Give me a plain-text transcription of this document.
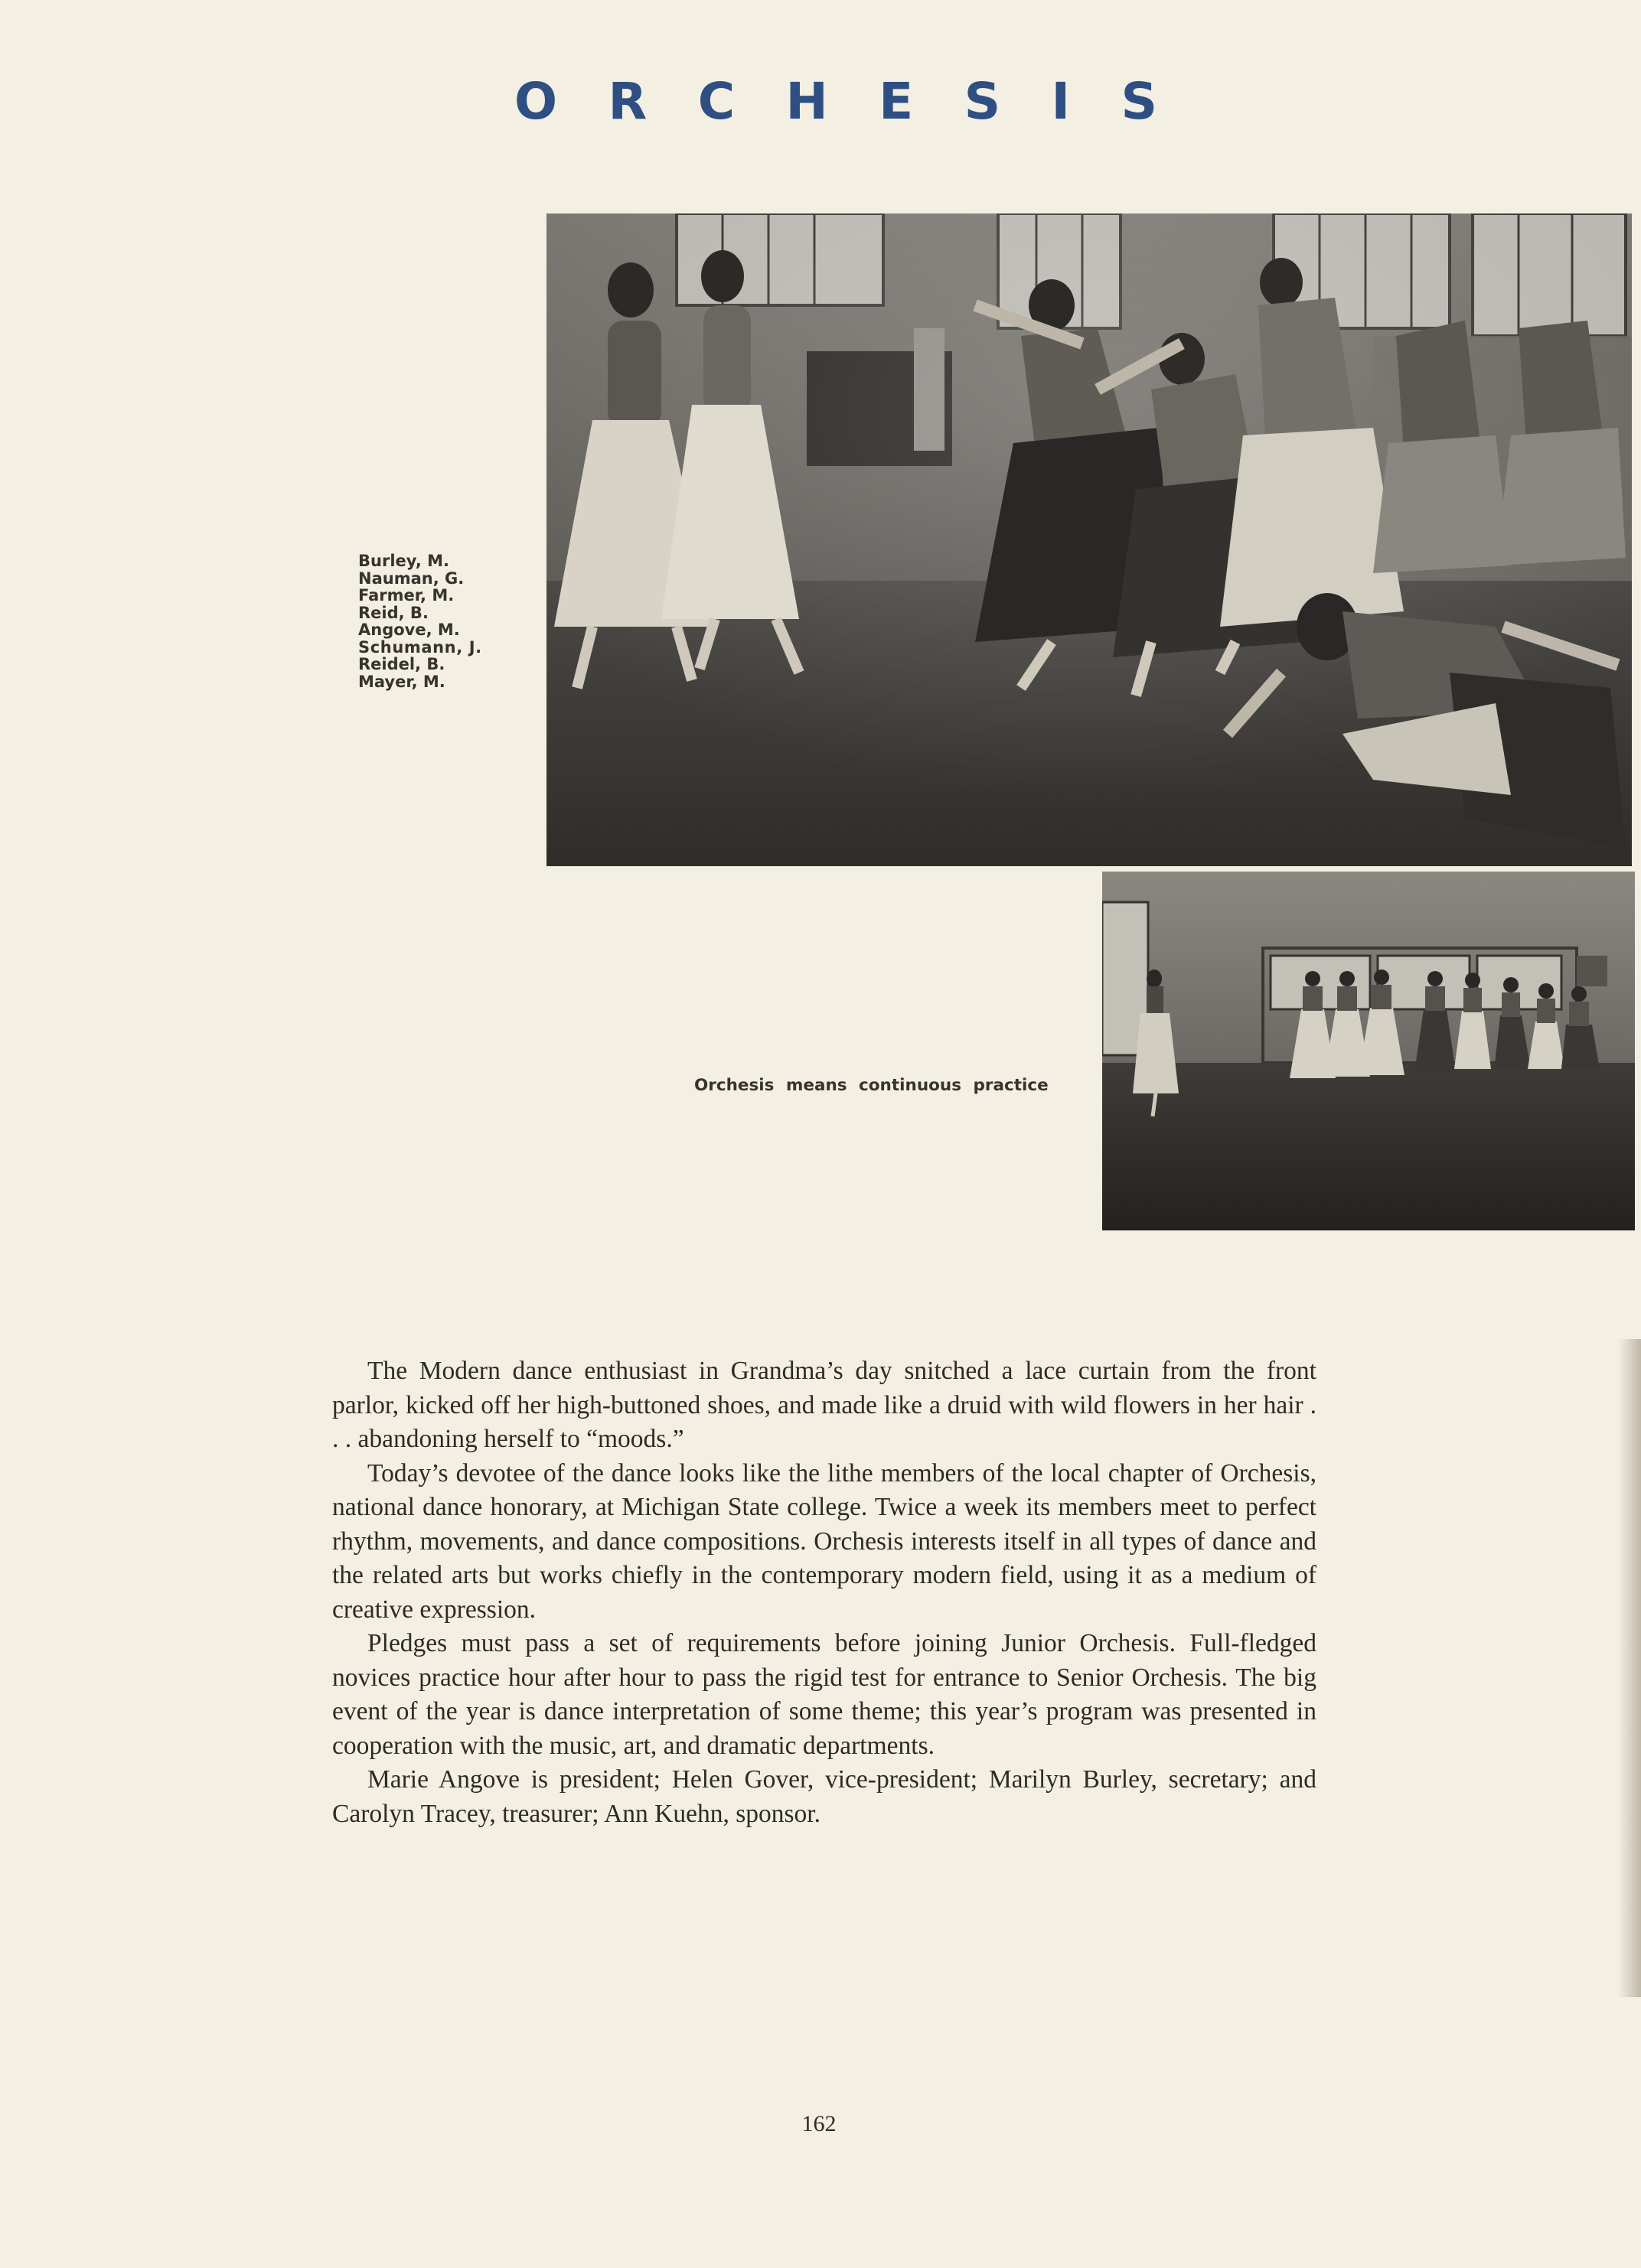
O R C H E S I S
Burley, M.
Nauman, G.
Farmer, M.
Reid, B.
Angove, M.
Schumann, J.
Reidel, B.
Mayer, M.
Orchesis means continuous practice

The Modern dance enthusiast in Grandma’s day snitched a lace curtain from the front parlor, kicked off her high-buttoned shoes, and made like a druid with wild flowers in her hair . . . abandoning herself to “moods.”

Today’s devotee of the dance looks like the lithe members of the local chapter of Orchesis, national dance honorary, at Michigan State college. Twice a week its members meet to perfect rhythm, movements, and dance compositions. Orchesis interests itself in all types of dance and the related arts but works chiefly in the contemporary modern field, using it as a medium of creative expression.

Pledges must pass a set of requirements before joining Junior Orchesis. Full-fledged novices practice hour after hour to pass the rigid test for entrance to Senior Orchesis. The big event of the year is dance interpretation of some theme; this year’s program was presented in cooperation with the music, art, and dramatic departments.

Marie Angove is president; Helen Gover, vice-president; Marilyn Burley, secretary; and Carolyn Tracey, treasurer; Ann Kuehn, sponsor.

162
